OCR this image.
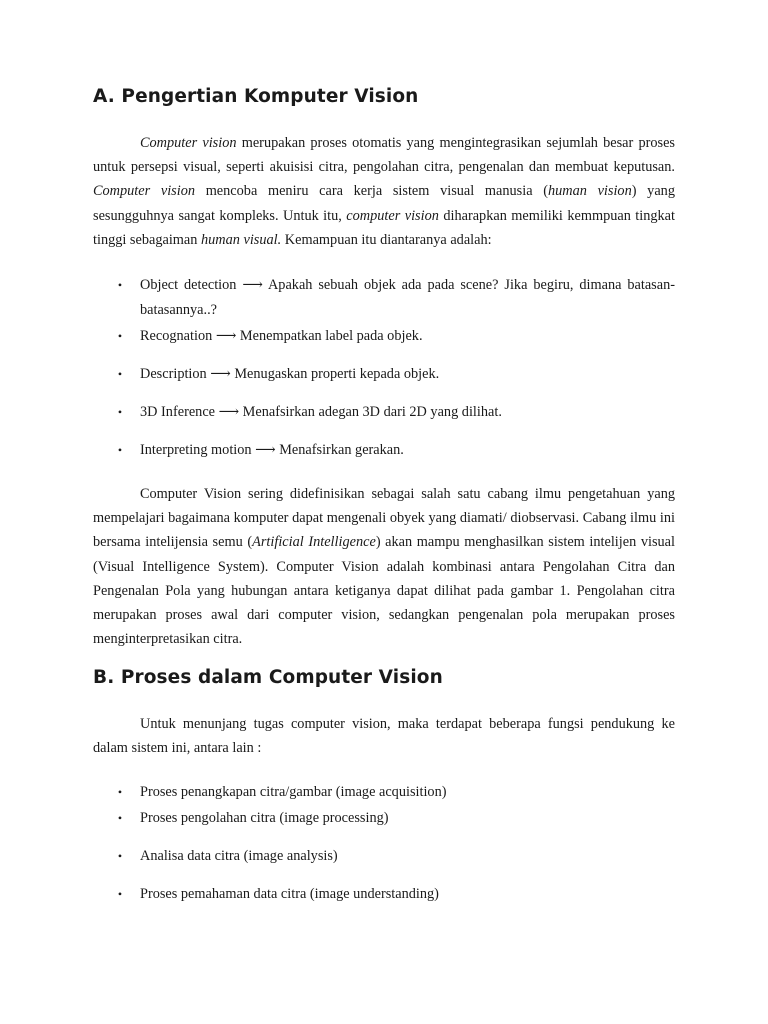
A. Pengertian Komputer Vision

Computer vision merupakan proses otomatis yang mengintegrasikan sejumlah besar proses untuk persepsi visual, seperti akuisisi citra, pengolahan citra, pengenalan dan membuat keputusan. Computer vision mencoba meniru cara kerja sistem visual manusia (human vision) yang sesungguhnya sangat kompleks. Untuk itu, computer vision diharapkan memiliki kemmpuan tingkat tinggi sebagaiman human visual. Kemampuan itu diantaranya adalah:

• Object detection ⟶ Apakah sebuah objek ada pada scene? Jika begiru, dimana batasan-batasannya..?
• Recognation ⟶ Menempatkan label pada objek.
• Description ⟶ Menugaskan properti kepada objek.
• 3D Inference ⟶ Menafsirkan adegan 3D dari 2D yang dilihat.
• Interpreting motion ⟶ Menafsirkan gerakan.

Computer Vision sering didefinisikan sebagai salah satu cabang ilmu pengetahuan yang mempelajari bagaimana komputer dapat mengenali obyek yang diamati/ diobservasi. Cabang ilmu ini bersama intelijensia semu (Artificial Intelligence) akan mampu menghasilkan sistem intelijen visual (Visual Intelligence System). Computer Vision adalah kombinasi antara Pengolahan Citra dan Pengenalan Pola yang hubungan antara ketiganya dapat dilihat pada gambar 1. Pengolahan citra merupakan proses awal dari computer vision, sedangkan pengenalan pola merupakan proses menginterpretasikan citra.

B. Proses dalam Computer Vision

Untuk menunjang tugas computer vision, maka terdapat beberapa fungsi pendukung ke dalam sistem ini, antara lain :

• Proses penangkapan citra/gambar (image acquisition)
• Proses pengolahan citra (image processing)
• Analisa data citra (image analysis)
• Proses pemahaman data citra (image understanding)
